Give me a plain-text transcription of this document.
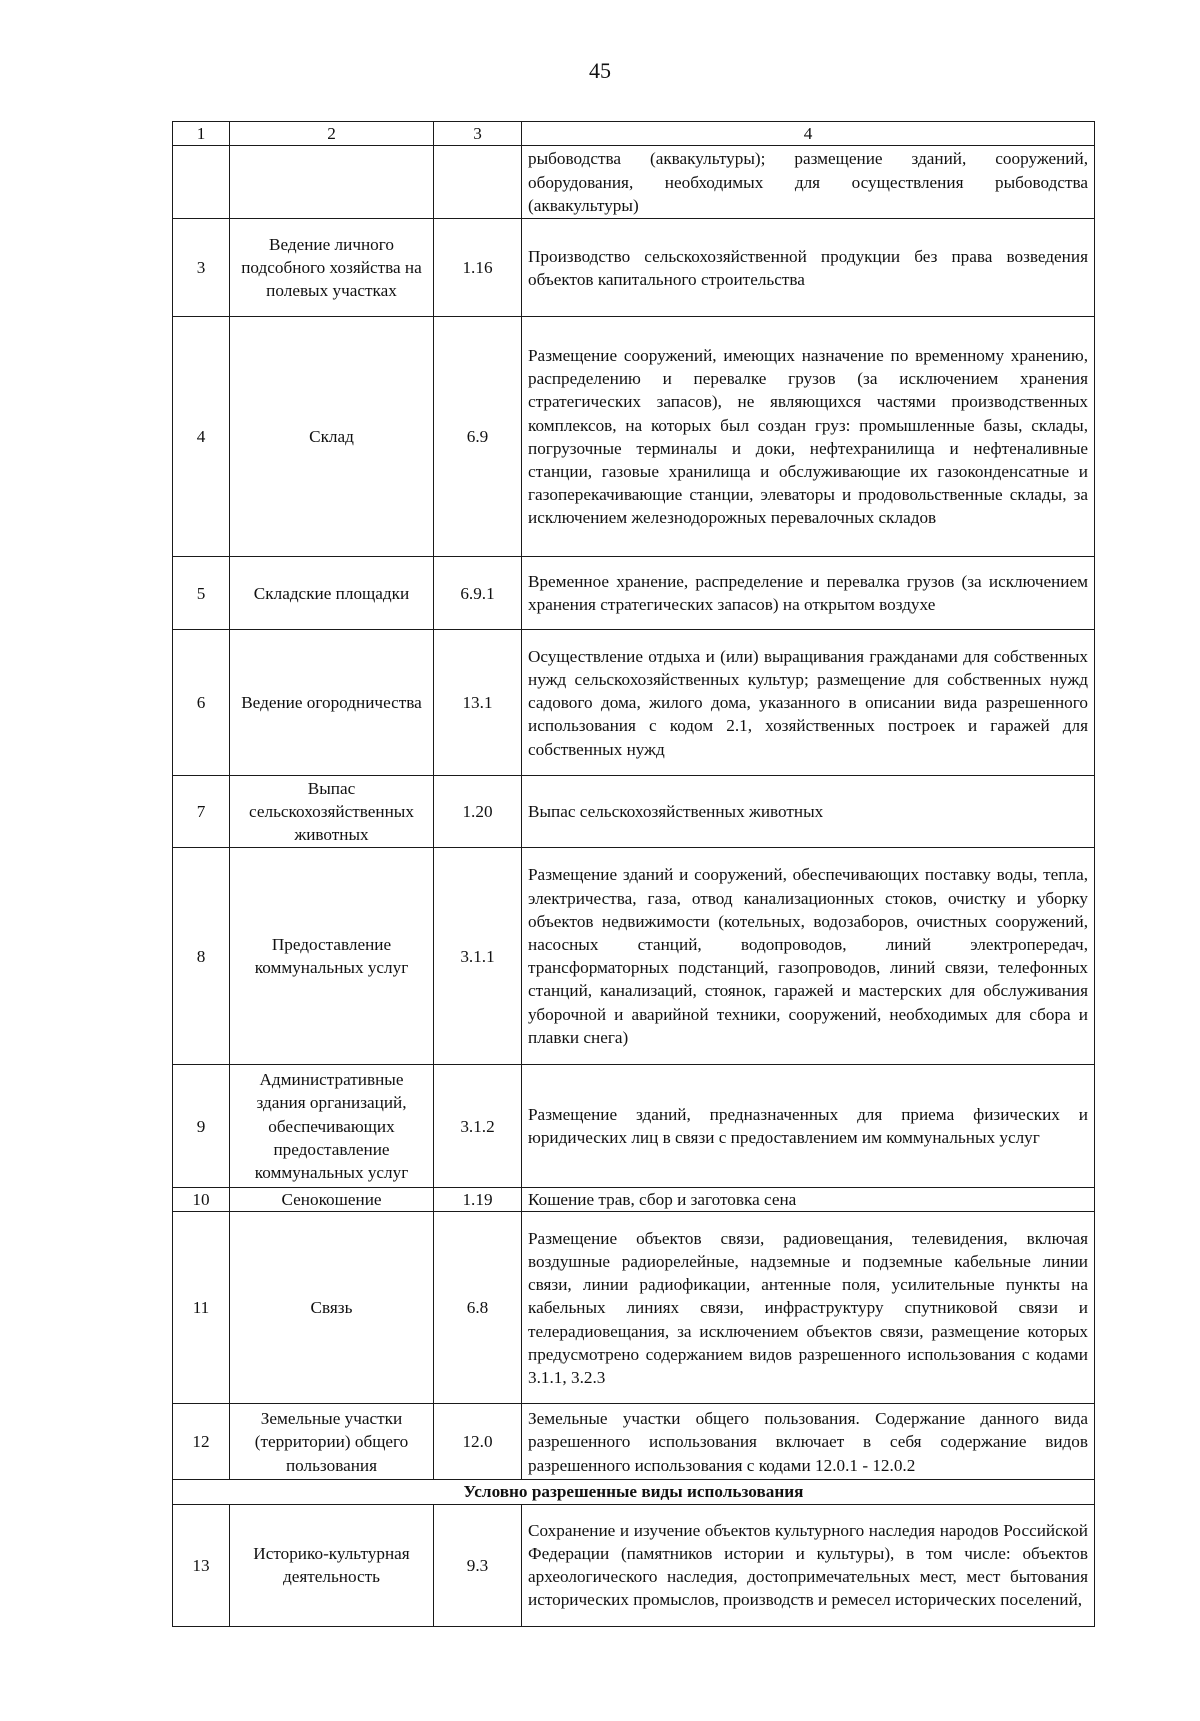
45
1	2	3	4
			рыбоводства (аквакультуры); размещение зданий, сооружений, оборудования, необходимых для осуществления рыбоводства (аквакультуры)
3	Ведение личного подсобного хозяйства на полевых участках	1.16	Производство сельскохозяйственной продукции без права возведения объектов капитального строительства
4	Склад	6.9	Размещение сооружений, имеющих назначение по временному хранению, распределению и перевалке грузов (за исключением хранения стратегических запасов), не являющихся частями производственных комплексов, на которых был создан груз: промышленные базы, склады, погрузочные терминалы и доки, нефтехранилища и нефтеналивные станции, газовые хранилища и обслуживающие их газоконденсатные и газоперекачивающие станции, элеваторы и продовольственные склады, за исключением железнодорожных перевалочных складов
5	Складские площадки	6.9.1	Временное хранение, распределение и перевалка грузов (за исключением хранения стратегических запасов) на открытом воздухе
6	Ведение огородничества	13.1	Осуществление отдыха и (или) выращивания гражданами для собственных нужд сельскохозяйственных культур; размещение для собственных нужд садового дома, жилого дома, указанного в описании вида разрешенного использования с кодом 2.1, хозяйственных построек и гаражей для собственных нужд
7	Выпас сельскохозяйственных животных	1.20	Выпас сельскохозяйственных животных
8	Предоставление коммунальных услуг	3.1.1	Размещение зданий и сооружений, обеспечивающих поставку воды, тепла, электричества, газа, отвод канализационных стоков, очистку и уборку объектов недвижимости (котельных, водозаборов, очистных сооружений, насосных станций, водопроводов, линий электропередач, трансформаторных подстанций, газопроводов, линий связи, телефонных станций, канализаций, стоянок, гаражей и мастерских для обслуживания уборочной и аварийной техники, сооружений, необходимых для сбора и плавки снега)
9	Административные здания организаций, обеспечивающих предоставление коммунальных услуг	3.1.2	Размещение зданий, предназначенных для приема физических и юридических лиц в связи с предоставлением им коммунальных услуг
10	Сенокошение	1.19	Кошение трав, сбор и заготовка сена
11	Связь	6.8	Размещение объектов связи, радиовещания, телевидения, включая воздушные радиорелейные, надземные и подземные кабельные линии связи, линии радиофикации, антенные поля, усилительные пункты на кабельных линиях связи, инфраструктуру спутниковой связи и телерадиовещания, за исключением объектов связи, размещение которых предусмотрено содержанием видов разрешенного использования с кодами 3.1.1, 3.2.3
12	Земельные участки (территории) общего пользования	12.0	Земельные участки общего пользования. Содержание данного вида разрешенного использования включает в себя содержание видов разрешенного использования с кодами 12.0.1 - 12.0.2
Условно разрешенные виды использования			
13	Историко-культурная деятельность	9.3	Сохранение и изучение объектов культурного наследия народов Российской Федерации (памятников истории и культуры), в том числе: объектов археологического наследия, достопримечательных мест, мест бытования исторических промыслов, производств и ремесел исторических поселений,
